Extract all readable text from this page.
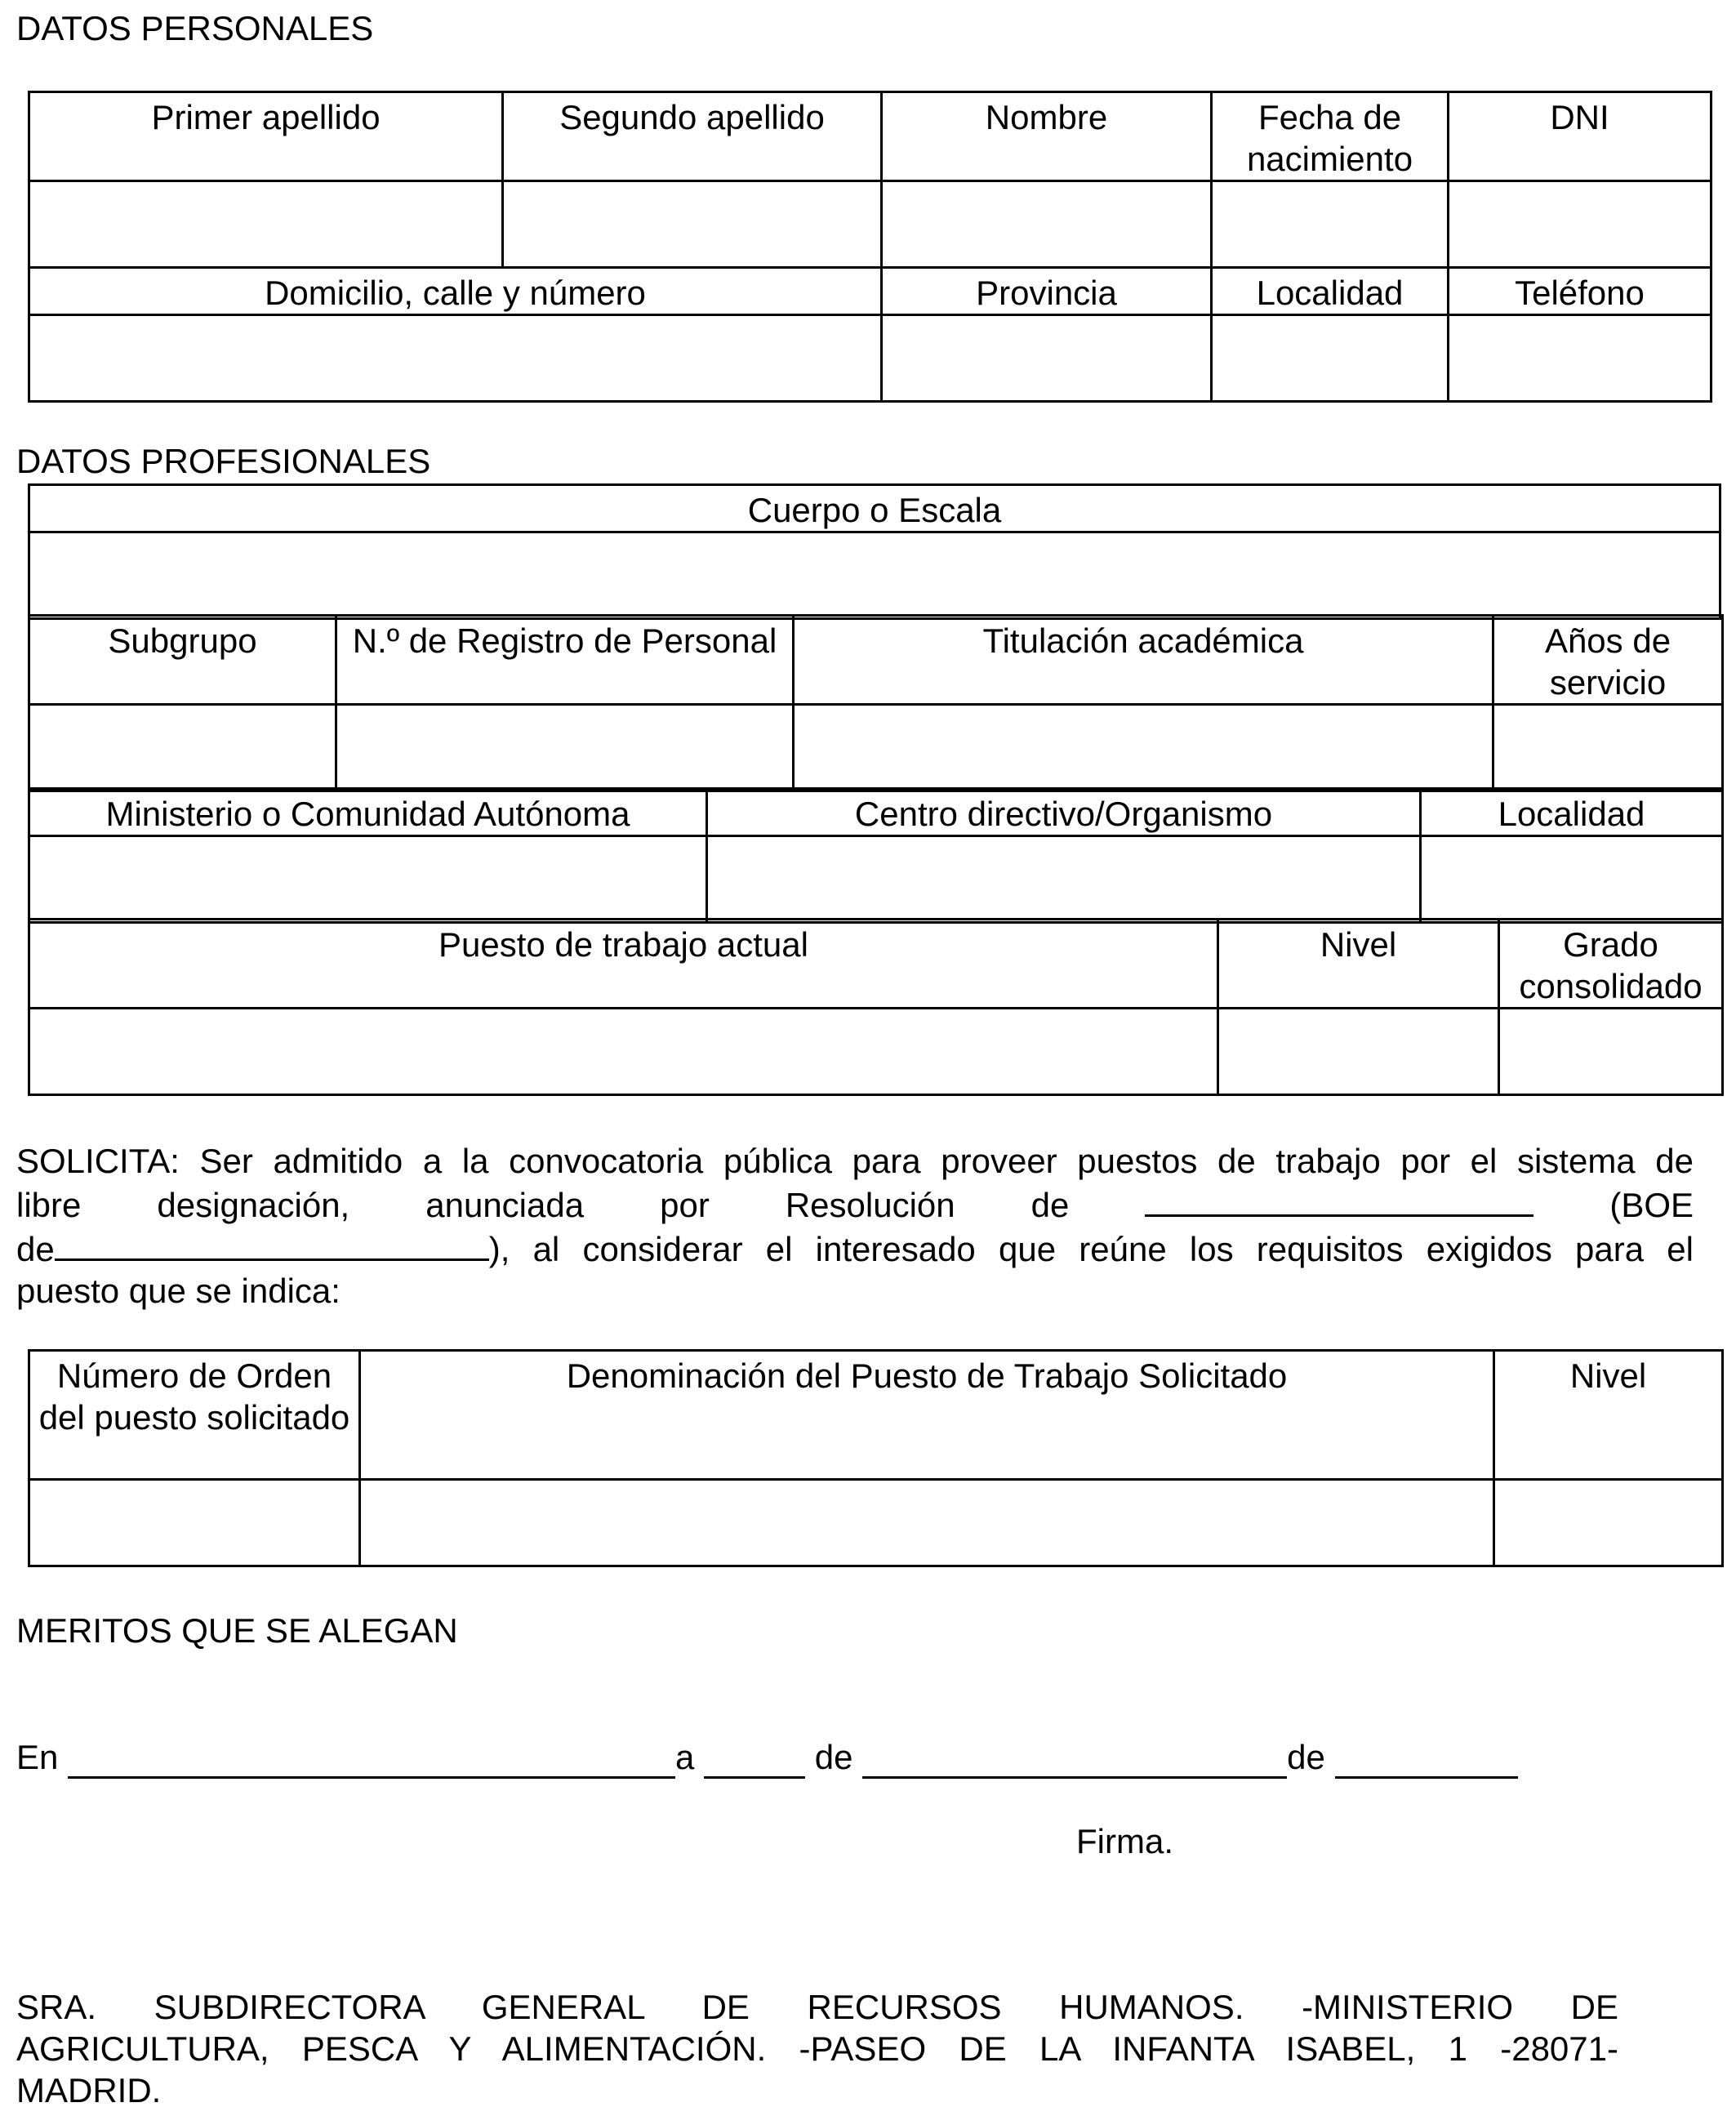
DATOS PERSONALES
Primer apellido	Segundo apellido	Nombre	Fecha de nacimiento	DNI

Domicilio, calle y número		Provincia	Localidad	Teléfono

DATOS PROFESIONALES
Cuerpo o Escala

Subgrupo	N.º de Registro de Personal	Titulación académica	Años de servicio

Ministerio o Comunidad Autónoma	Centro directivo/Organismo	Localidad

Puesto de trabajo actual	Nivel	Grado consolidado

SOLICITA: Ser admitido a la convocatoria pública para proveer puestos de trabajo por el sistema de
libre designación, anunciada por Resolución de	(BOE
de	), al considerar el interesado que reúne los requisitos exigidos para el
puesto que se indica:
Número de Orden del puesto solicitado	Denominación del Puesto de Trabajo Solicitado	Nivel

MERITOS QUE SE ALEGAN
En	a	de	de
Firma.
SRA. SUBDIRECTORA GENERAL DE RECURSOS HUMANOS. -MINISTERIO DE
AGRICULTURA, PESCA Y ALIMENTACIÓN. -PASEO DE LA INFANTA ISABEL, 1 -28071-
MADRID.
